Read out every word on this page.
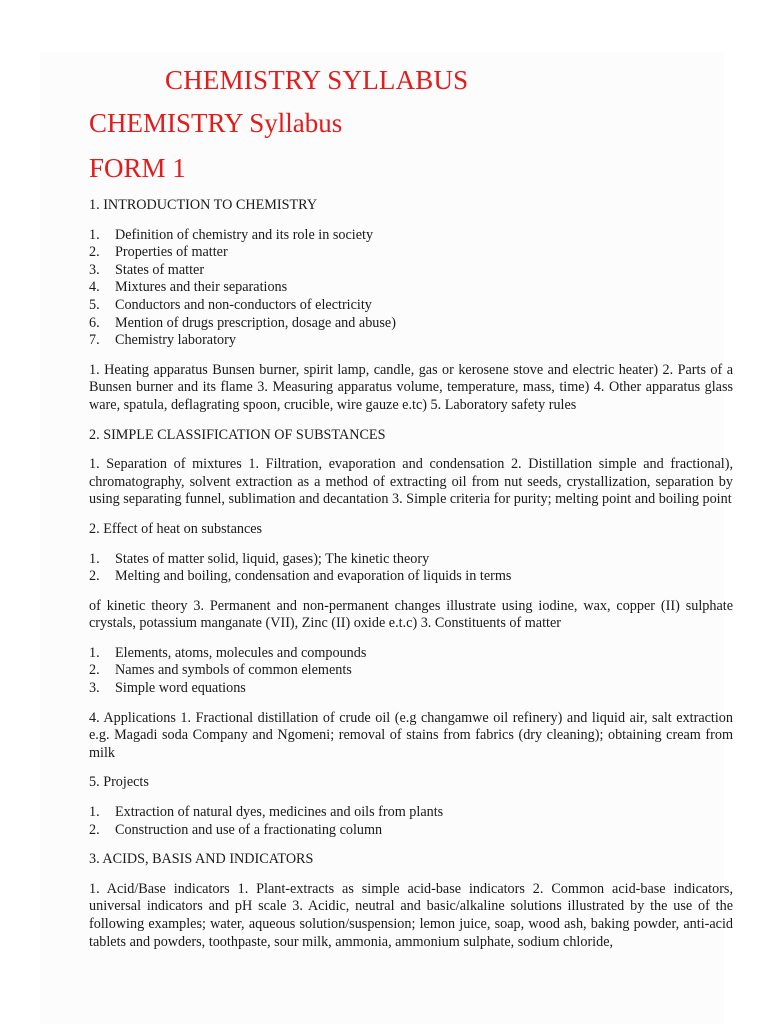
CHEMISTRY SYLLABUS
CHEMISTRY Syllabus
FORM 1

1. INTRODUCTION TO CHEMISTRY

1.	Definition of chemistry and its role in society
2.	Properties of matter
3.	States of matter
4.	Mixtures and their separations
5.	Conductors and non-conductors of electricity
6.	Mention of drugs prescription, dosage and abuse)
7.	Chemistry laboratory

1. Heating apparatus Bunsen burner, spirit lamp, candle, gas or kerosene stove and electric heater) 2. Parts of a Bunsen burner and its flame 3. Measuring apparatus volume, temperature, mass, time) 4. Other apparatus glass ware, spatula, deflagrating spoon, crucible, wire gauze e.tc) 5. Laboratory safety rules

2. SIMPLE CLASSIFICATION OF SUBSTANCES

1. Separation of mixtures 1. Filtration, evaporation and condensation 2. Distillation simple and fractional), chromatography, solvent extraction as a method of extracting oil from nut seeds, crystallization, separation by using separating funnel, sublimation and decantation 3. Simple criteria for purity; melting point and boiling point

2. Effect of heat on substances

1.	States of matter solid, liquid, gases); The kinetic theory
2.	Melting and boiling, condensation and evaporation of liquids in terms

of kinetic theory 3. Permanent and non-permanent changes illustrate using iodine, wax, copper (II) sulphate crystals, potassium manganate (VII), Zinc (II) oxide e.t.c) 3. Constituents of matter

1.	Elements, atoms, molecules and compounds
2.	Names and symbols of common elements
3.	Simple word equations

4. Applications 1. Fractional distillation of crude oil (e.g changamwe oil refinery) and liquid air, salt extraction e.g. Magadi soda Company and Ngomeni; removal of stains from fabrics (dry cleaning); obtaining cream from milk

5. Projects

1.	Extraction of natural dyes, medicines and oils from plants
2.	Construction and use of a fractionating column

3. ACIDS, BASIS AND INDICATORS

1. Acid/Base indicators 1. Plant-extracts as simple acid-base indicators 2. Common acid-base indicators, universal indicators and pH scale 3. Acidic, neutral and basic/alkaline solutions illustrated by the use of the following examples; water, aqueous solution/suspension; lemon juice, soap, wood ash, baking powder, anti-acid tablets and powders, toothpaste, sour milk, ammonia, ammonium sulphate, sodium chloride,
